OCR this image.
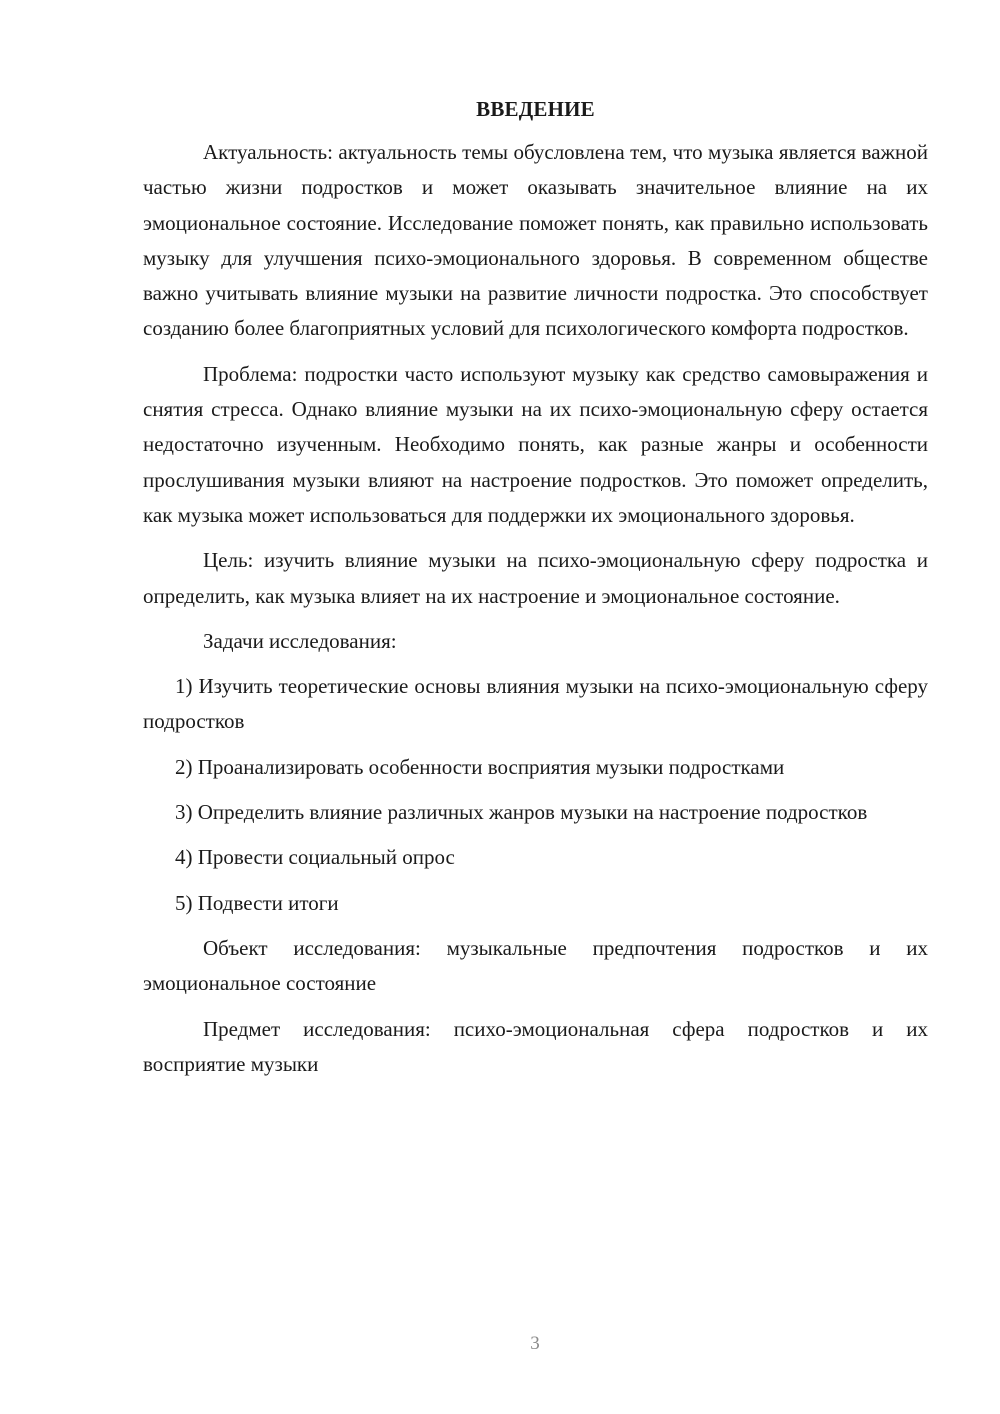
ВВЕДЕНИЕ

Актуальность: актуальность темы обусловлена тем, что музыка является важной частью жизни подростков и может оказывать значительное влияние на их эмоциональное состояние. Исследование поможет понять, как правильно использовать музыку для улучшения психо-эмоционального здоровья. В современном обществе важно учитывать влияние музыки на развитие личности подростка. Это способствует созданию более благоприятных условий для психологического комфорта подростков.

Проблема: подростки часто используют музыку как средство самовыражения и снятия стресса. Однако влияние музыки на их психо-эмоциональную сферу остается недостаточно изученным. Необходимо понять, как разные жанры и особенности прослушивания музыки влияют на настроение подростков. Это поможет определить, как музыка может использоваться для поддержки их эмоционального здоровья.

Цель: изучить влияние музыки на психо-эмоциональную сферу подростка и определить, как музыка влияет на их настроение и эмоциональное состояние.

Задачи исследования:

1) Изучить теоретические основы влияния музыки на психо-эмоциональную сферу подростков

2) Проанализировать особенности восприятия музыки подростками

3) Определить влияние различных жанров музыки на настроение подростков

4) Провести социальный опрос

5) Подвести итоги

Объект исследования: музыкальные предпочтения подростков и их эмоциональное состояние

Предмет исследования: психо-эмоциональная сфера подростков и их восприятие музыки

3
